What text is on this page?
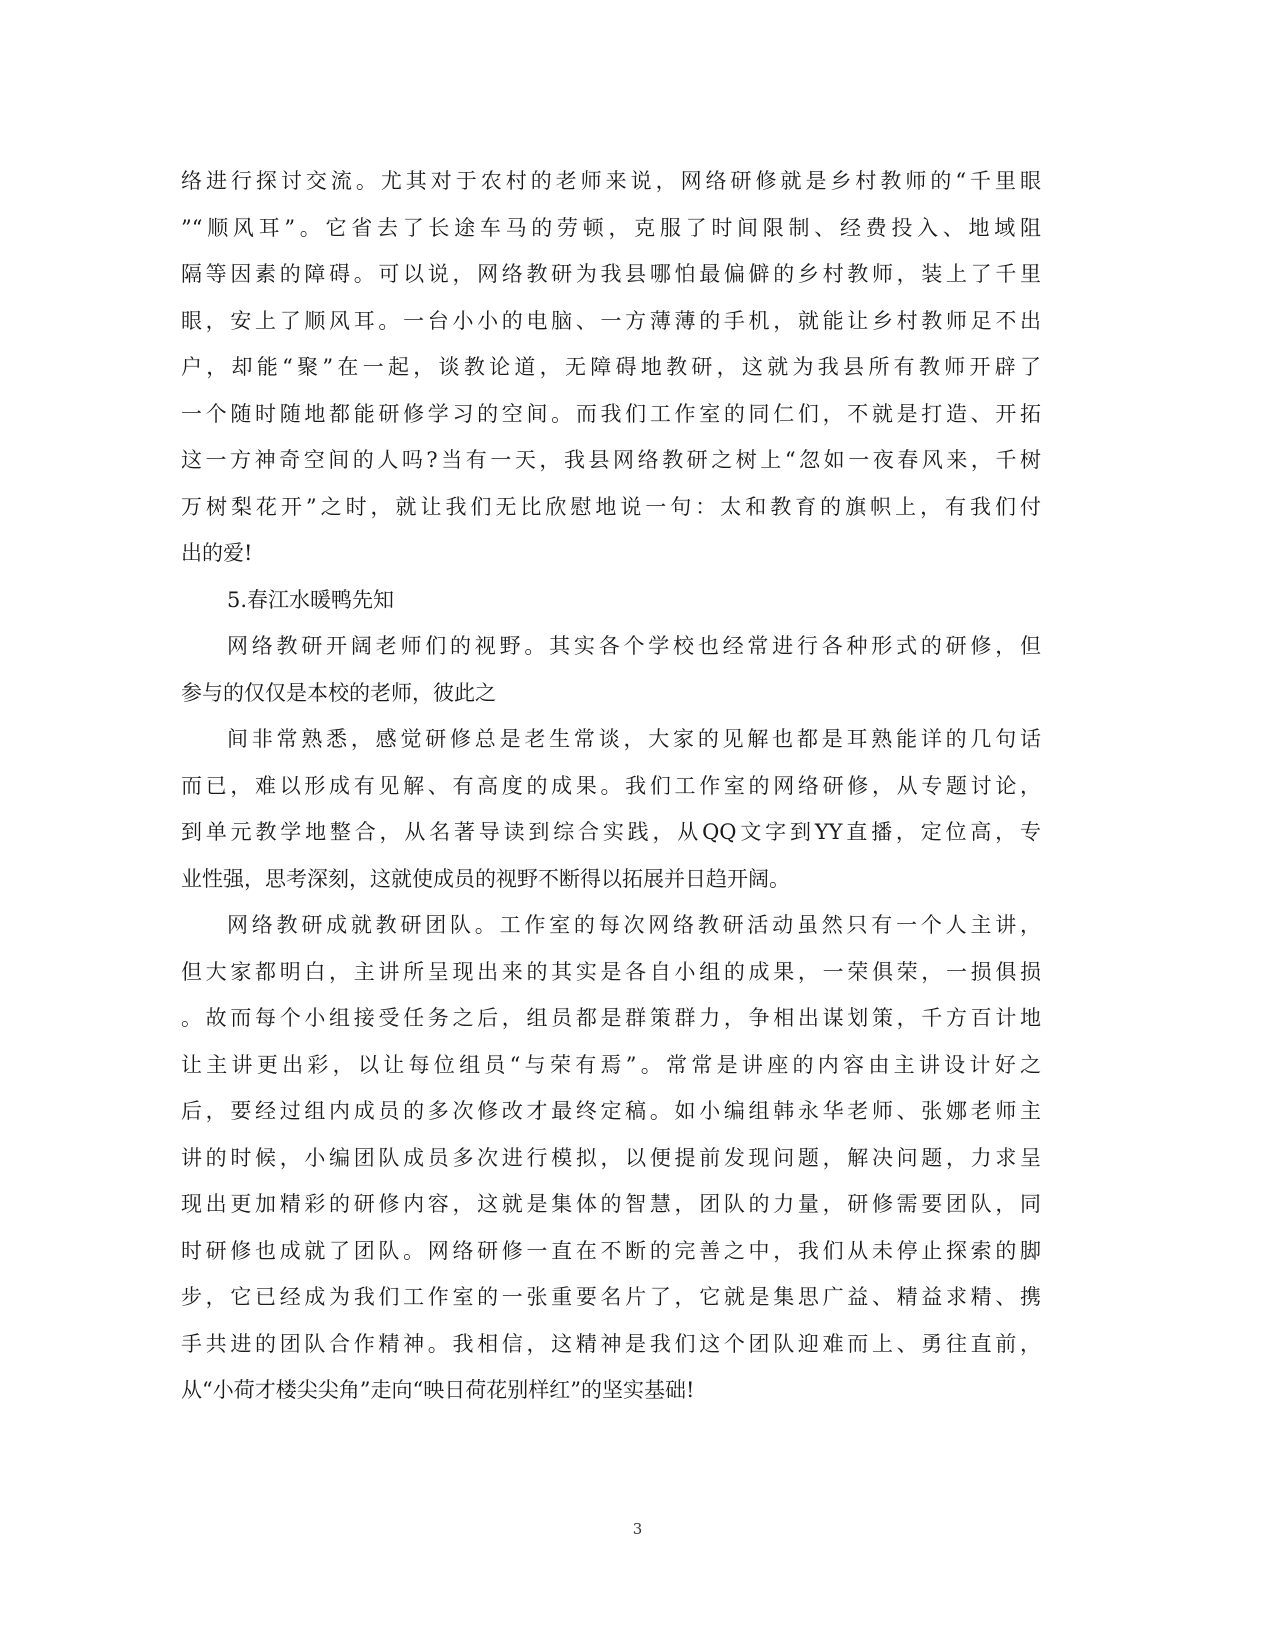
络进行探讨交流。尤其对于农村的老师来说，网络研修就是乡村教师的“千里眼
”“顺风耳”。它省去了长途车马的劳顿，克服了时间限制、经费投入、地域阻
隔等因素的障碍。可以说，网络教研为我县哪怕最偏僻的乡村教师，装上了千里
眼，安上了顺风耳。一台小小的电脑、一方薄薄的手机，就能让乡村教师足不出
户，却能“聚”在一起，谈教论道，无障碍地教研，这就为我县所有教师开辟了
一个随时随地都能研修学习的空间。而我们工作室的同仁们，不就是打造、开拓
这一方神奇空间的人吗?当有一天，我县网络教研之树上“忽如一夜春风来，千树
万树梨花开”之时，就让我们无比欣慰地说一句：太和教育的旗帜上，有我们付
出的爱!
5.春江水暖鸭先知
网络教研开阔老师们的视野。其实各个学校也经常进行各种形式的研修，但
参与的仅仅是本校的老师，彼此之
间非常熟悉，感觉研修总是老生常谈，大家的见解也都是耳熟能详的几句话
而已，难以形成有见解、有高度的成果。我们工作室的网络研修，从专题讨论，
到单元教学地整合，从名著导读到综合实践，从QQ文字到YY直播，定位高，专
业性强，思考深刻，这就使成员的视野不断得以拓展并日趋开阔。
网络教研成就教研团队。工作室的每次网络教研活动虽然只有一个人主讲，
但大家都明白，主讲所呈现出来的其实是各自小组的成果，一荣俱荣，一损俱损
。故而每个小组接受任务之后，组员都是群策群力，争相出谋划策，千方百计地
让主讲更出彩，以让每位组员“与荣有焉”。常常是讲座的内容由主讲设计好之
后，要经过组内成员的多次修改才最终定稿。如小编组韩永华老师、张娜老师主
讲的时候，小编团队成员多次进行模拟，以便提前发现问题，解决问题，力求呈
现出更加精彩的研修内容，这就是集体的智慧，团队的力量，研修需要团队，同
时研修也成就了团队。网络研修一直在不断的完善之中，我们从未停止探索的脚
步，它已经成为我们工作室的一张重要名片了，它就是集思广益、精益求精、携
手共进的团队合作精神。我相信，这精神是我们这个团队迎难而上、勇往直前，
从“小荷才楼尖尖角”走向“映日荷花别样红”的坚实基础!
3
